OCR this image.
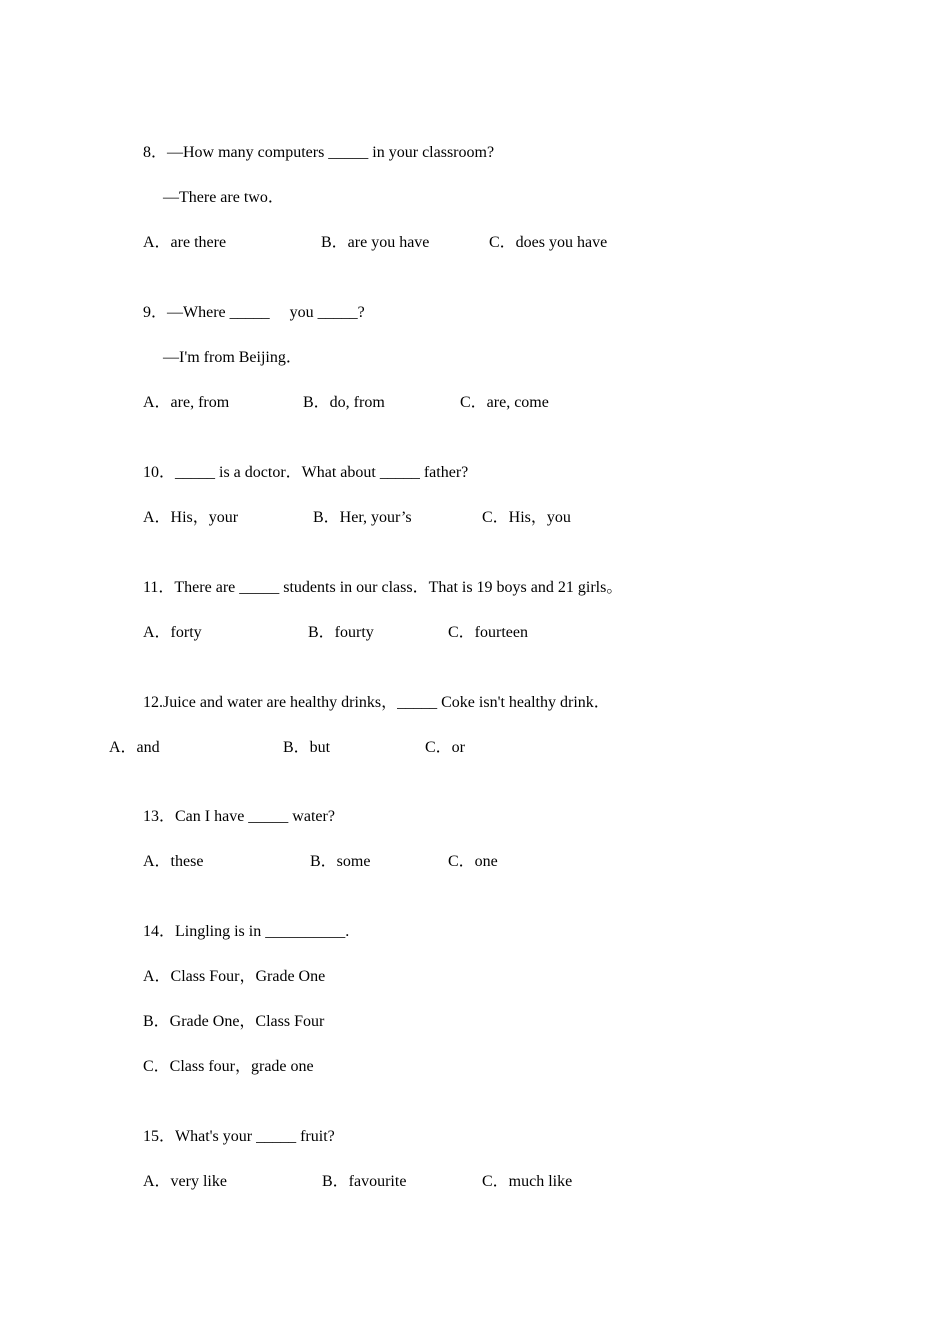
8．—How many computers _____ in your classroom?
—There are two．
A．are there	B．are you have	C．does you have
9．—Where _____     you _____?
—I'm from Beijing．
A．are, from	B．do, from	C．are, come
10．_____ is a doctor．What about _____ father?
A．His，your	B．Her, your’s	C．His，you
11．There are _____ students in our class．That is 19 boys and 21 girls。
A．forty	B．fourty	C．fourteen
12.Juice and water are healthy drinks，_____ Coke isn't healthy drink．
A．and	B．but	C．or
13．Can I have _____ water?
A．these	B．some	C．one
14．Lingling is in __________.
A．Class Four，Grade One
B．Grade One，Class Four
C．Class four，grade one
15．What's your _____ fruit?
A．very like	B．favourite	C．much like
